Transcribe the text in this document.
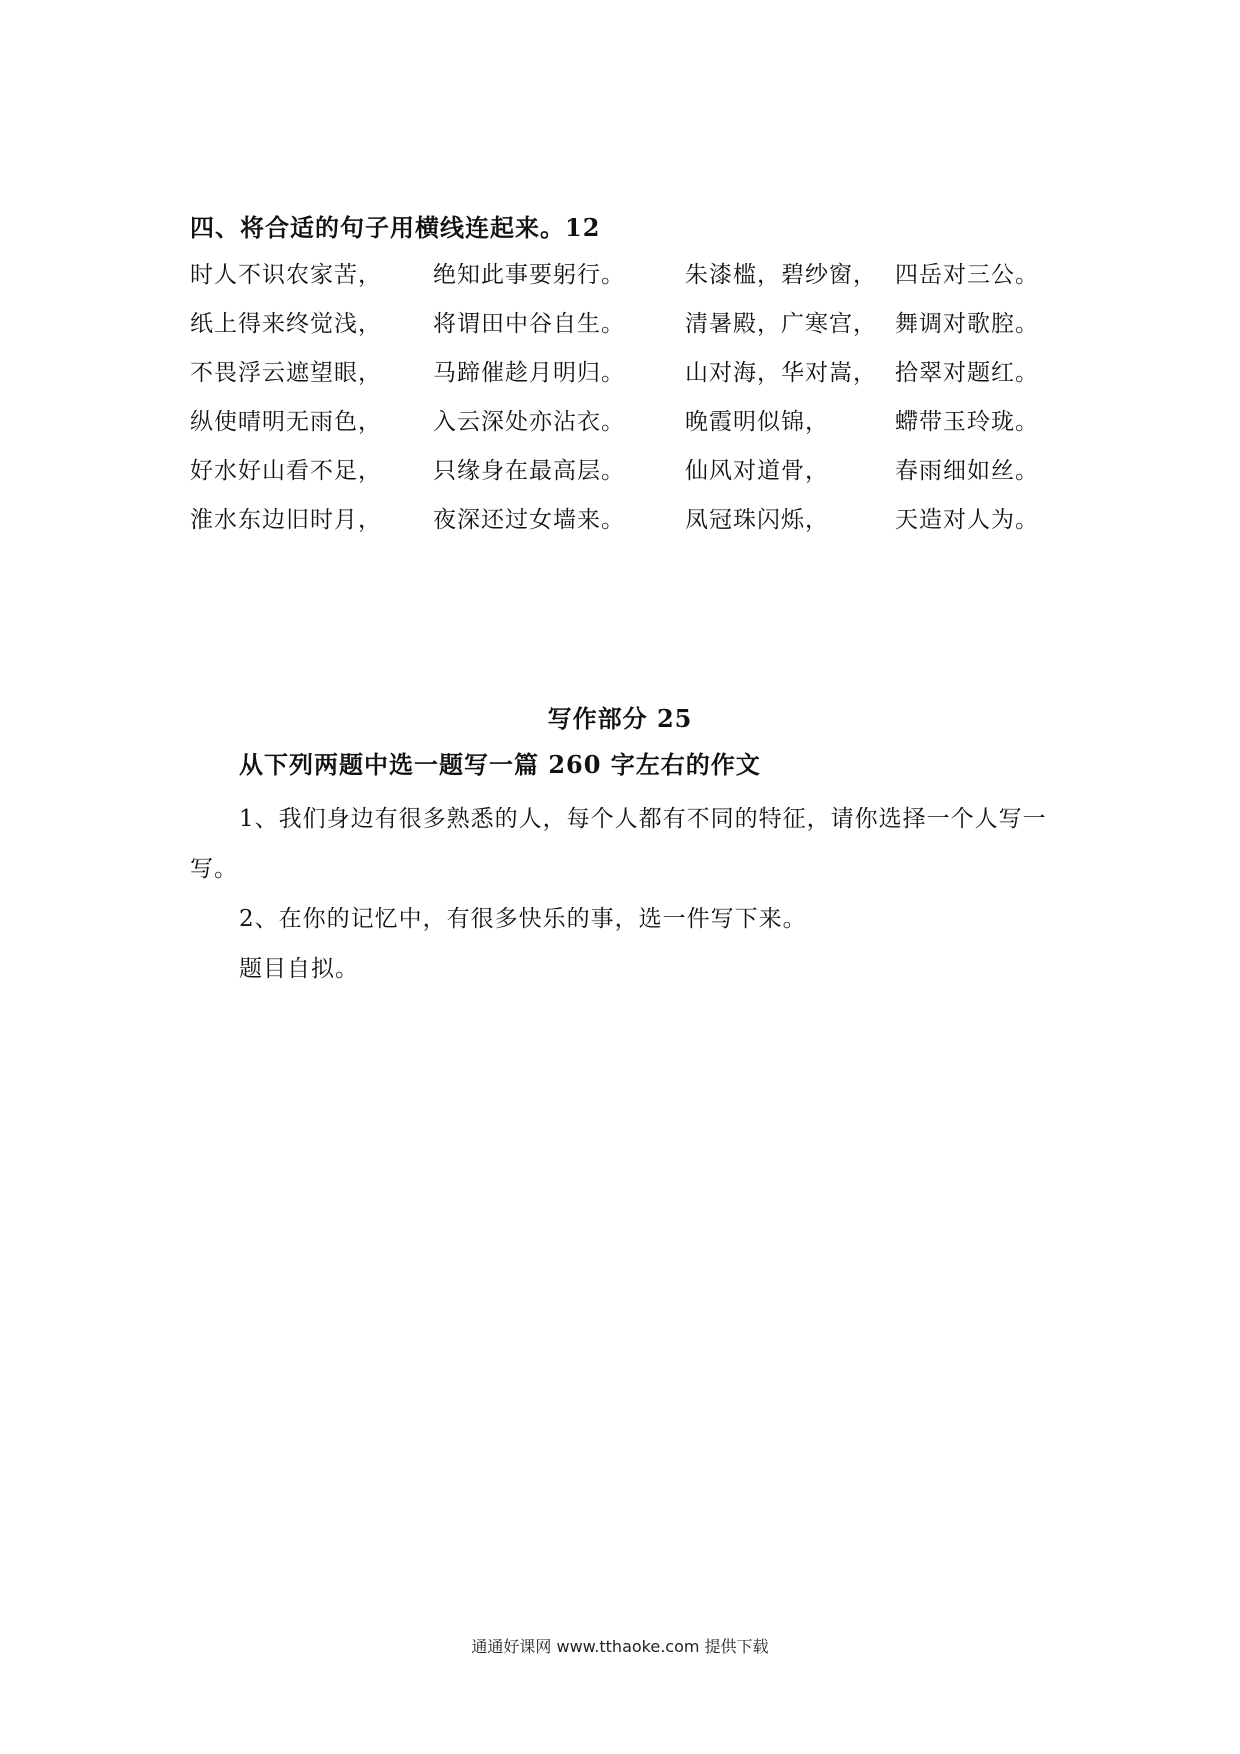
四、将合适的句子用横线连起来。12
时人不识农家苦， 绝知此事要躬行。	朱漆槛，碧纱窗， 四岳对三公。
纸上得来终觉浅， 将谓田中谷自生。	清暑殿，广寒宫， 舞调对歌腔。
不畏浮云遮望眼， 马蹄催趁月明归。	山对海，华对嵩， 拾翠对题红。
纵使晴明无雨色， 入云深处亦沾衣。	晚霞明似锦，	螮带玉玲珑。
好水好山看不足， 只缘身在最高层。	仙风对道骨，	春雨细如丝。
淮水东边旧时月， 夜深还过女墙来。	凤冠珠闪烁，	天造对人为。
写作部分 25
从下列两题中选一题写一篇 260 字左右的作文

1、我们身边有很多熟悉的人，每个人都有不同的特征，请你选择一个人写一写。

2、在你的记忆中，有很多快乐的事，选一件写下来。

题目自拟。

通通好课网 www.tthaoke.com 提供下载
